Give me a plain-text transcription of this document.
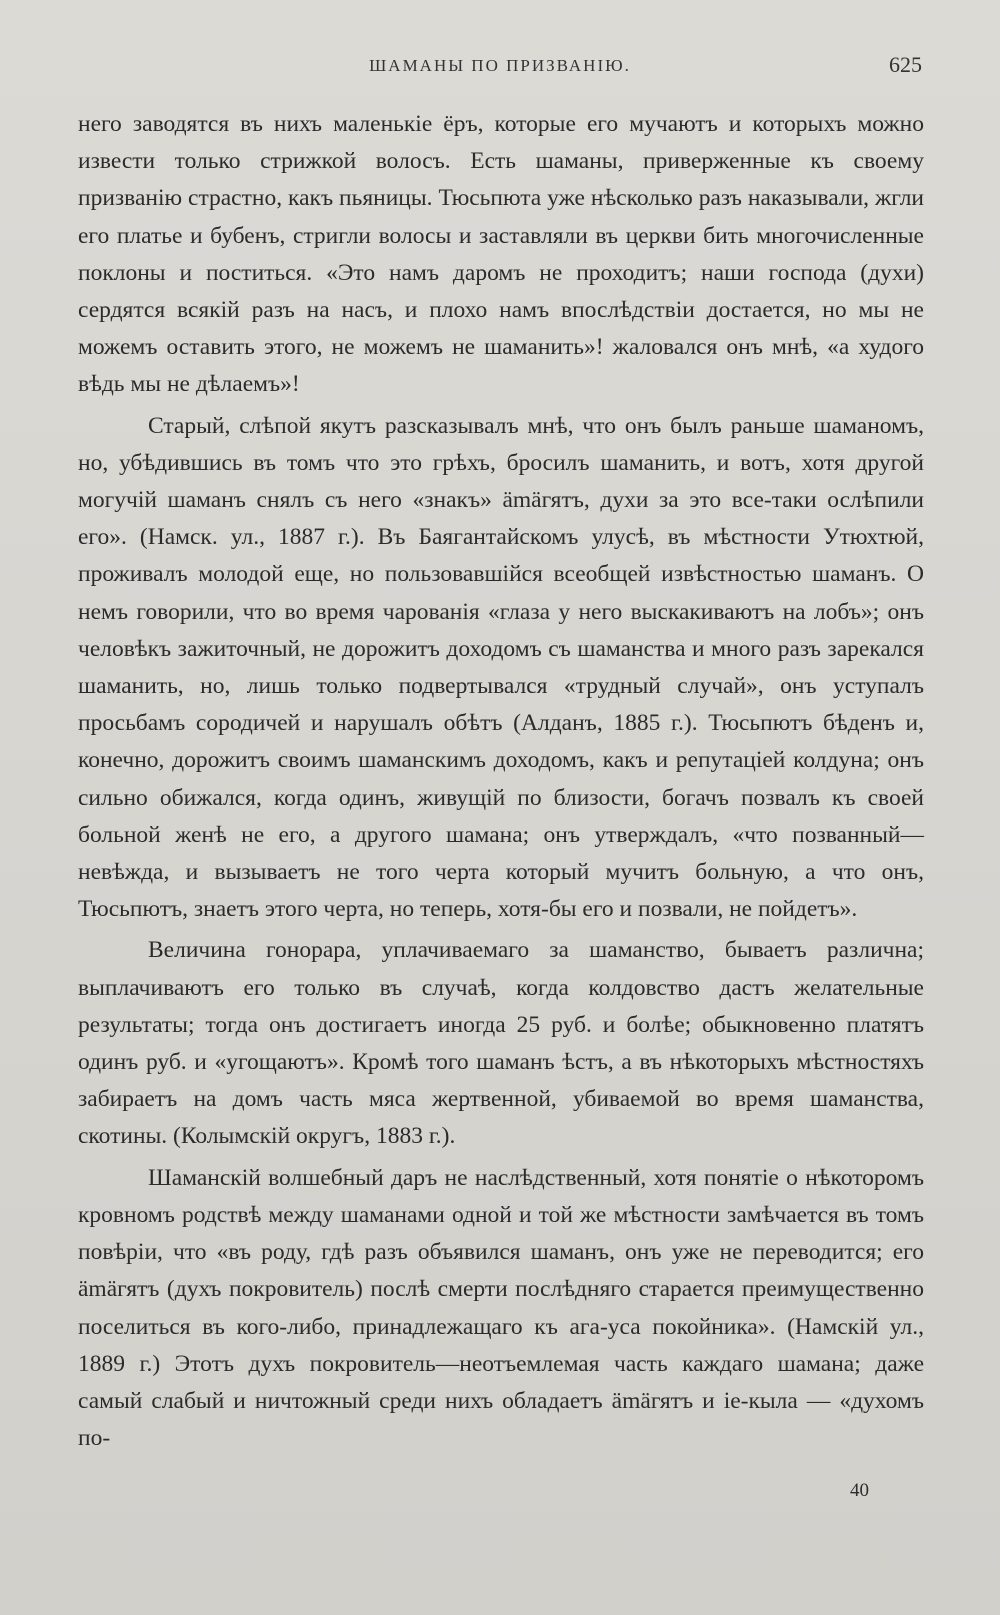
ШАМАНЫ ПО ПРИЗВАНІЮ.	625

него заводятся въ нихъ маленькіе ёръ, которые его мучаютъ и которыхъ можно извести только стрижкой волосъ. Есть шаманы, приверженные къ своему призванію страстно, какъ пьяницы. Тюсьпюта уже нѣсколько разъ наказывали, жгли его платье и бубенъ, стригли волосы и заставляли въ церкви бить многочисленные поклоны и поститься. «Это намъ даромъ не проходитъ; наши господа (духи) сердятся всякій разъ на насъ, и плохо намъ впослѣдствіи достается, но мы не можемъ оставить этого, не можемъ не шаманить»! жаловался онъ мнѣ, «а худого вѣдь мы не дѣлаемъ»!

Старый, слѣпой якутъ разсказывалъ мнѣ, что онъ былъ раньше шаманомъ, но, убѣдившись въ томъ что это грѣхъ, бросилъ шаманить, и вотъ, хотя другой могучій шаманъ снялъ съ него «знакъ» ämäгятъ, духи за это все-таки ослѣпили его». (Намск. ул., 1887 г.). Въ Баягантайскомъ улусѣ, въ мѣстности Утюхтюй, проживалъ молодой еще, но пользовавшійся всеобщей извѣстностью шаманъ. О немъ говорили, что во время чарованія «глаза у него выскакиваютъ на лобъ»; онъ человѣкъ зажиточный, не дорожитъ доходомъ съ шаманства и много разъ зарекался шаманить, но, лишь только подвертывался «трудный случай», онъ уступалъ просьбамъ сородичей и нарушалъ обѣтъ (Алданъ, 1885 г.). Тюсьпютъ бѣденъ и, конечно, дорожитъ своимъ шаманскимъ доходомъ, какъ и репутаціей колдуна; онъ сильно обижался, когда одинъ, живущій по близости, богачъ позвалъ къ своей больной женѣ не его, а другого шамана; онъ утверждалъ, «что позванный—невѣжда, и вызываетъ не того черта который мучитъ больную, а что онъ, Тюсьпютъ, знаетъ этого черта, но теперь, хотя-бы его и позвали, не пойдетъ».

Величина гонорара, уплачиваемаго за шаманство, бываетъ различна; выплачиваютъ его только въ случаѣ, когда колдовство дастъ желательные результаты; тогда онъ достигаетъ иногда 25 руб. и болѣе; обыкновенно платятъ одинъ руб. и «угощаютъ». Кромѣ того шаманъ ѣстъ, а въ нѣкоторыхъ мѣстностяхъ забираетъ на домъ часть мяса жертвенной, убиваемой во время шаманства, скотины. (Колымскій округъ, 1883 г.).

Шаманскій волшебный даръ не наслѣдственный, хотя понятіе о нѣкоторомъ кровномъ родствѣ между шаманами одной и той же мѣстности замѣчается въ томъ повѣріи, что «въ роду, гдѣ разъ объявился шаманъ, онъ уже не переводится; его ämäгятъ (духъ покровитель) послѣ смерти послѣдняго старается преимущественно поселиться въ кого-либо, принадлежащаго къ ага-уса покойника». (Намскій ул., 1889 г.) Этотъ духъ покровитель—неотъемлемая часть каждаго шамана; даже самый слабый и ничтожный среди нихъ обладаетъ ämäгятъ и іе-кыла — «духомъ по-

40
